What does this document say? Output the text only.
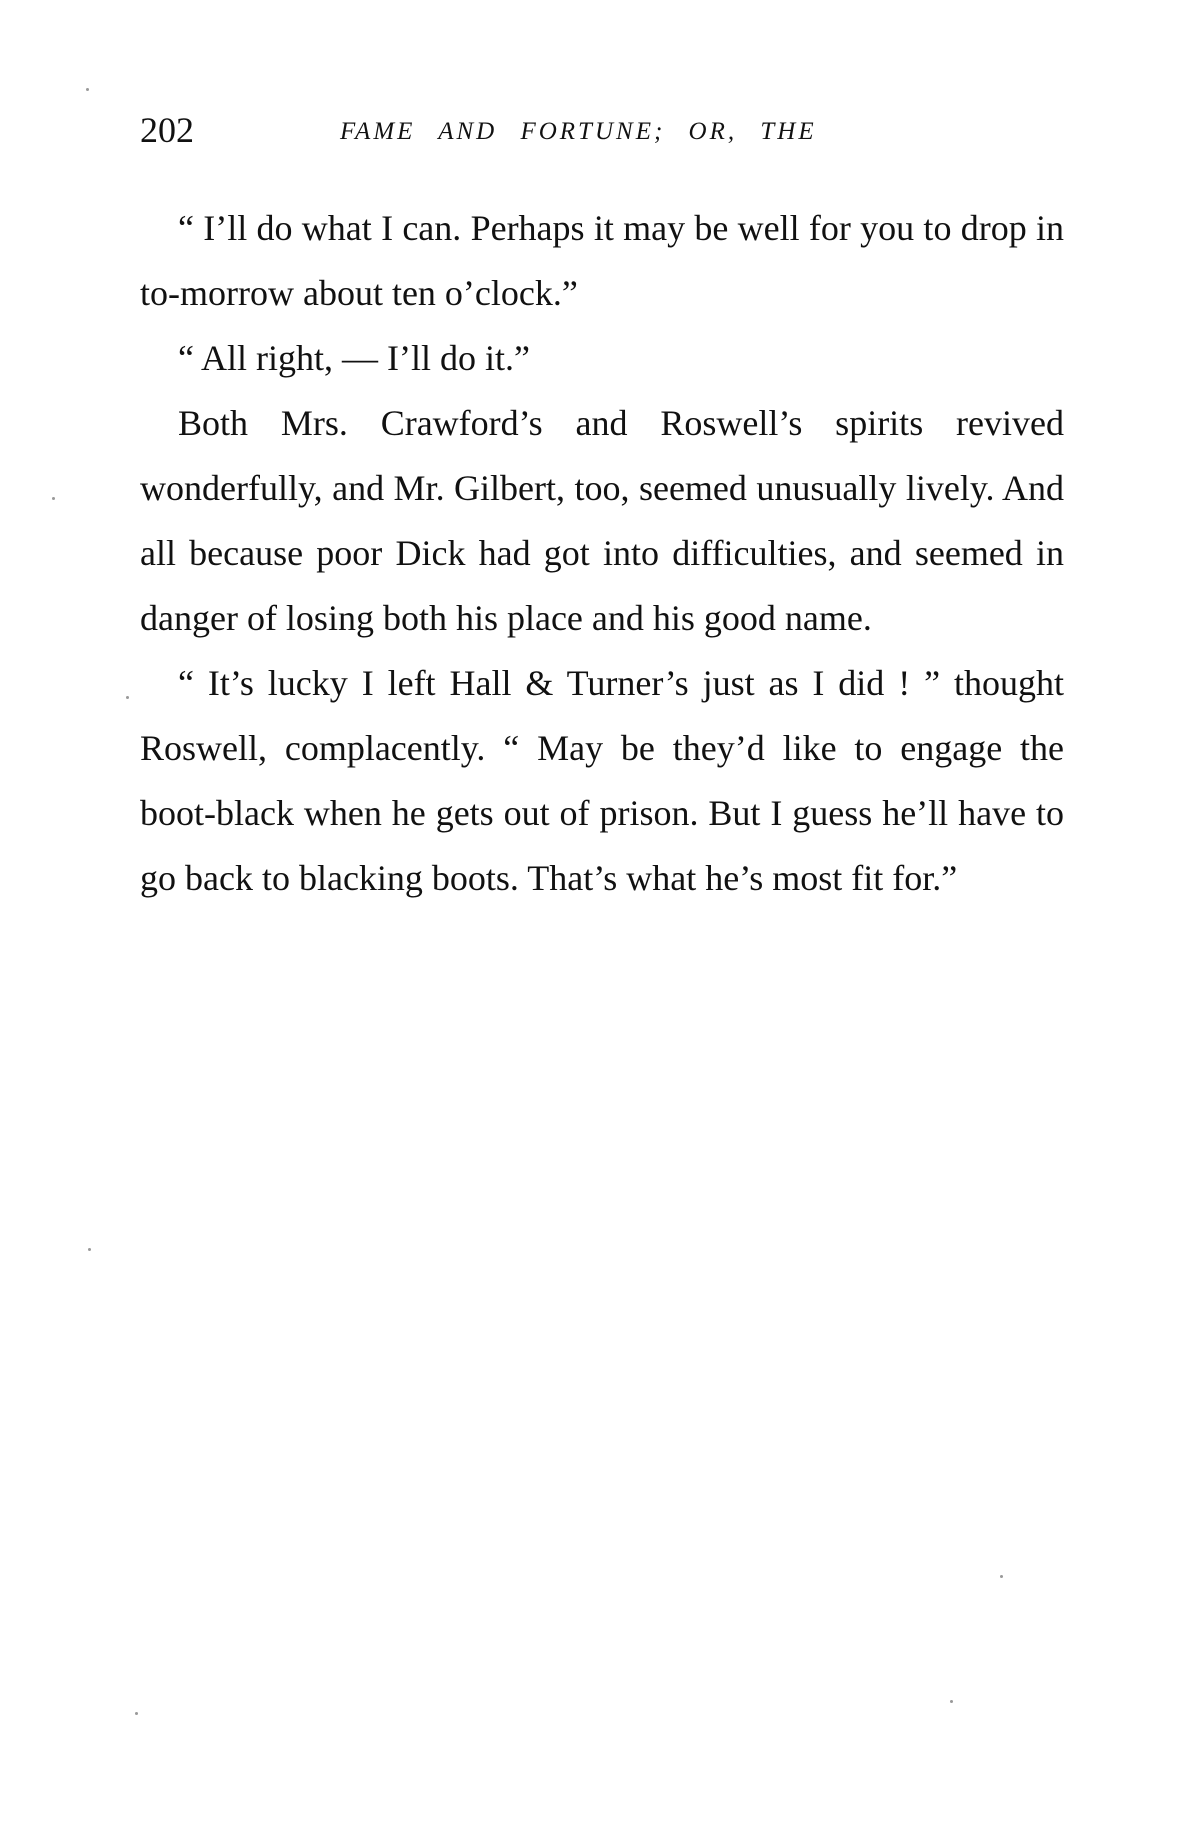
202	FAME AND FORTUNE; OR, THE

“ I’ll do what I can. Perhaps it may be well for you to drop in to-morrow about ten o’clock.”

“ All right, — I’ll do it.”

Both Mrs. Crawford’s and Roswell’s spirits revived wonderfully, and Mr. Gilbert, too, seemed unusually lively. And all because poor Dick had got into difficulties, and seemed in danger of losing both his place and his good name.

“ It’s lucky I left Hall & Turner’s just as I did ! ” thought Roswell, complacently. “ May be they’d like to engage the boot-black when he gets out of prison. But I guess he’ll have to go back to blacking boots. That’s what he’s most fit for.”
